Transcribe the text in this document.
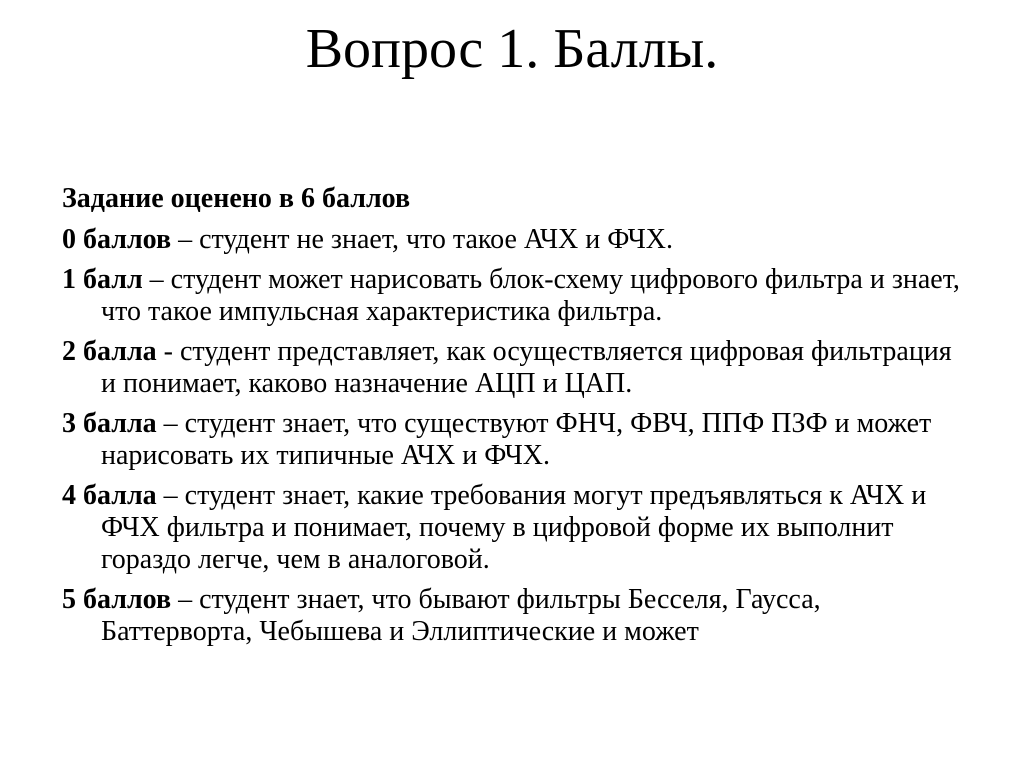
Вопрос 1. Баллы.

Задание оценено в 6 баллов

0 баллов – студент не знает, что такое АЧХ и ФЧХ.
1 балл – студент может нарисовать блок-схему цифрового фильтра и знает, что такое импульсная характеристика фильтра.
2 балла - студент представляет, как осуществляется цифровая фильтрация и понимает, каково назначение АЦП и ЦАП.
3 балла – студент знает, что существуют ФНЧ, ФВЧ, ППФ ПЗФ и может нарисовать их типичные АЧХ и ФЧХ.
4 балла – студент знает, какие требования могут предъявляться к АЧХ и ФЧХ фильтра и понимает, почему в цифровой форме их выполнит гораздо легче, чем в аналоговой.
5 баллов – студент знает, что бывают фильтры Бесселя, Гаусса, Баттерворта, Чебышева и Эллиптические и может
